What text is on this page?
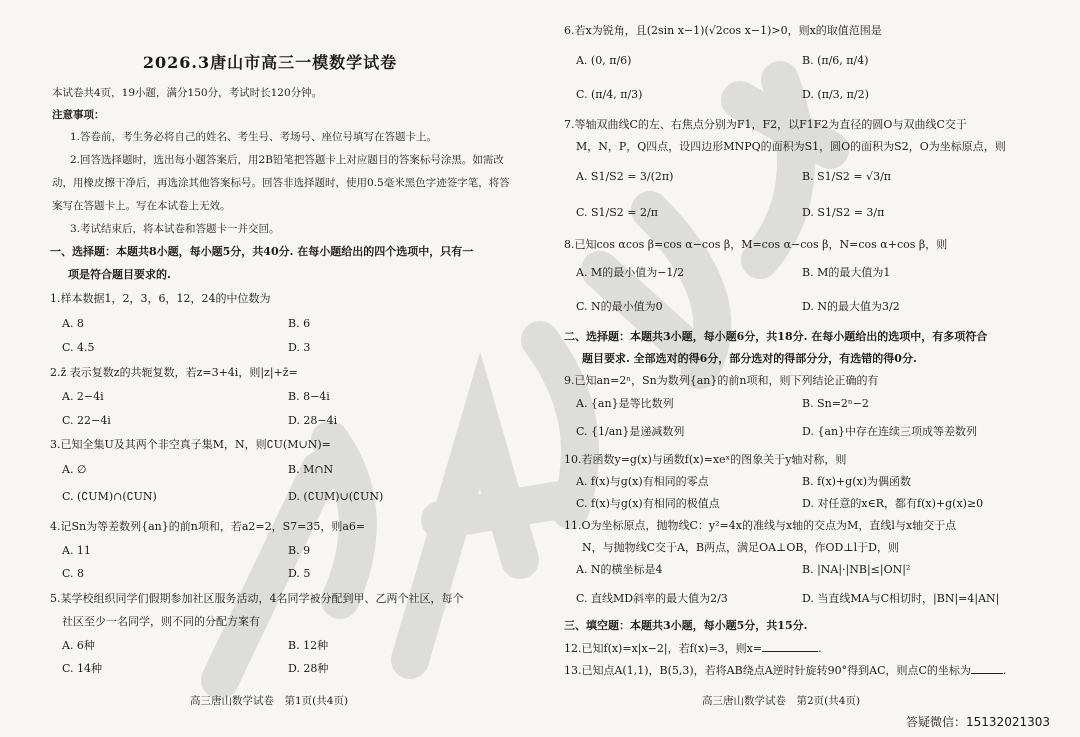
2026.3唐山市高三一模数学试卷
本试卷共4页，19小题，满分150分，考试时长120分钟。
注意事项：
1.答卷前，考生务必将自己的姓名、考生号、考场号、座位号填写在答题卡上。
2.回答选择题时，选出每小题答案后，用2B铅笔把答题卡上对应题目的答案标号涂黑。如需改
动，用橡皮擦干净后，再选涂其他答案标号。回答非选择题时，使用0.5毫米黑色字迹签字笔，将答
案写在答题卡上。写在本试卷上无效。
3.考试结束后，将本试卷和答题卡一并交回。
一、选择题：本题共8小题，每小题5分，共40分. 在每小题给出的四个选项中，只有一
项是符合题目要求的.
1.样本数据1，2，3，6，12，24的中位数为
A. 8	B. 6
C. 4.5	D. 3
2.z̄ 表示复数z的共轭复数，若z=3+4i，则|z|+z̄=
A. 2−4i	B. 8−4i
C. 22−4i	D. 28−4i
3.已知全集U及其两个非空真子集M，N，则∁U(M∪N)=
A. ∅	B. M∩N
C. (∁UM)∩(∁UN)	D. (∁UM)∪(∁UN)
4.记Sn为等差数列{an}的前n项和，若a2=2，S7=35，则a6=
A. 11	B. 9
C. 8	D. 5
5.某学校组织同学们假期参加社区服务活动，4名同学被分配到甲、乙两个社区，每个
社区至少一名同学，则不同的分配方案有
A. 6种	B. 12种
C. 14种	D. 28种
高三唐山数学试卷　第1页(共4页)
6.若x为锐角，且(2sin x−1)(√2cos x−1)>0，则x的取值范围是
A. (0, π/6)	B. (π/6, π/4)
C. (π/4, π/3)	D. (π/3, π/2)
7.等轴双曲线C的左、右焦点分别为F1，F2，以F1F2为直径的圆O与双曲线C交于
M，N，P，Q四点，设四边形MNPQ的面积为S1，圆O的面积为S2，O为坐标原点，则
A. S1/S2 = 3/(2π)	B. S1/S2 = √3/π
C. S1/S2 = 2/π	D. S1/S2 = 3/π
8.已知cos αcos β=cos α−cos β，M=cos α−cos β，N=cos α+cos β，则
A. M的最小值为−1/2	B. M的最大值为1
C. N的最小值为0	D. N的最大值为3/2
二、选择题：本题共3小题，每小题6分，共18分. 在每小题给出的选项中，有多项符合
题目要求. 全部选对的得6分，部分选对的得部分分，有选错的得0分.
9.已知an=2ⁿ，Sn为数列{an}的前n项和，则下列结论正确的有
A. {an}是等比数列	B. Sn=2ⁿ−2
C. {1/an}是递减数列	D. {an}中存在连续三项成等差数列
10.若函数y=g(x)与函数f(x)=xeˣ的图象关于y轴对称，则
A. f(x)与g(x)有相同的零点	B. f(x)+g(x)为偶函数
C. f(x)与g(x)有相同的极值点	D. 对任意的x∈R，都有f(x)+g(x)≥0
11.O为坐标原点，抛物线C：y²=4x的准线与x轴的交点为M，直线l与x轴交于点
N，与抛物线C交于A，B两点，满足OA⊥OB，作OD⊥l于D，则
A. N的横坐标是4	B. |NA|·|NB|≤|ON|²
C. 直线MD斜率的最大值为2/3	D. 当直线MA与C相切时，|BN|=4|AN|
三、填空题：本题共3小题，每小题5分，共15分.
12.已知f(x)=x|x−2|，若f(x)=3，则x=	.
13.已知点A(1,1)，B(5,3)，若将AB绕点A逆时针旋转90°得到AC，则点C的坐标为	.
高三唐山数学试卷　第2页(共4页)
答疑微信：15132021303
